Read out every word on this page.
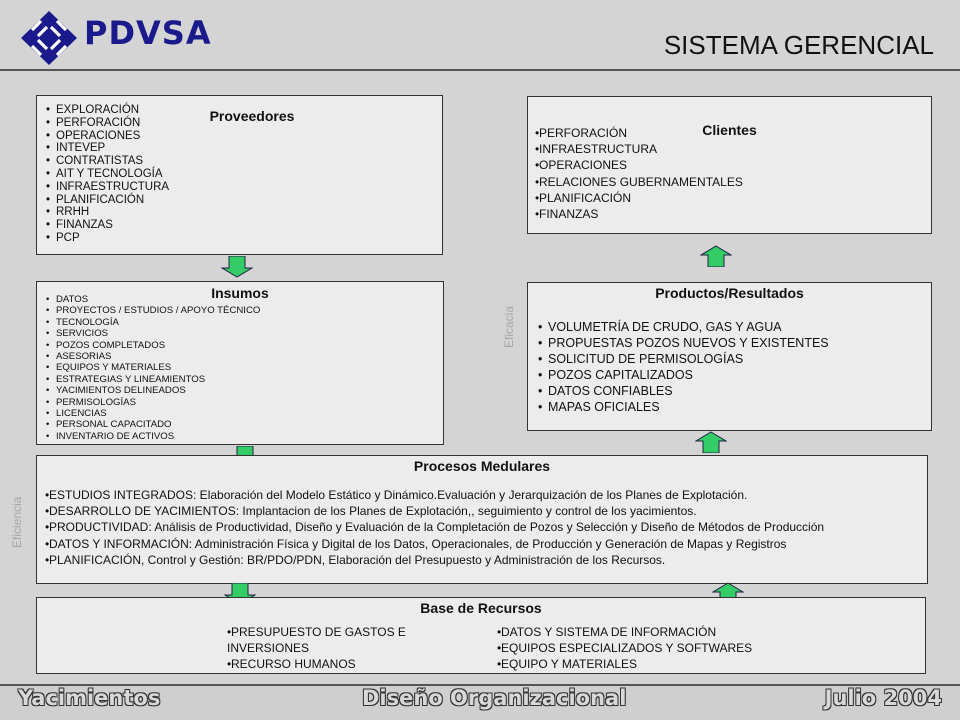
PDVSA	SISTEMA GERENCIAL
Proveedores
• EXPLORACIÓN
• PERFORACIÓN
• OPERACIONES
• INTEVEP
• CONTRATISTAS
• AIT Y TECNOLOGÍA
• INFRAESTRUCTURA
• PLANIFICACIÓN
• RRHH
• FINANZAS
• PCP
Clientes
• PERFORACIÓN
• INFRAESTRUCTURA
• OPERACIONES
• RELACIONES GUBERNAMENTALES
• PLANIFICACIÓN
• FINANZAS
Insumos
• DATOS
• PROYECTOS / ESTUDIOS / APOYO TÉCNICO
• TECNOLOGÍA
• SERVICIOS
• POZOS COMPLETADOS
• ASESORIAS
• EQUIPOS Y MATERIALES
• ESTRATEGIAS Y LINEAMIENTOS
• YACIMIENTOS DELINEADOS
• PERMISOLOGÍAS
• LICENCIAS
• PERSONAL CAPACITADO
• INVENTARIO DE ACTIVOS
Productos/Resultados
• VOLUMETRÍA DE CRUDO, GAS Y AGUA
• PROPUESTAS POZOS NUEVOS Y EXISTENTES
• SOLICITUD DE PERMISOLOGÍAS
• POZOS CAPITALIZADOS
• DATOS CONFIABLES
• MAPAS OFICIALES
Eficacia
Eficiencia
Procesos Medulares
• ESTUDIOS INTEGRADOS: Elaboración del Modelo Estático y Dinámico.Evaluación y Jerarquización de los Planes de Explotación.
• DESARROLLO DE YACIMIENTOS: Implantacion de los Planes de Explotación,, seguimiento y control de los yacimientos.
• PRODUCTIVIDAD: Análisis de Productividad, Diseño y Evaluación de la Completación de Pozos y Selección y Diseño de Métodos de Producción
• DATOS Y INFORMACIÓN: Administración Física y Digital de los Datos, Operacionales, de Producción y Generación de Mapas y Registros
• PLANIFICACIÓN, Control y Gestión: BR/PDO/PDN, Elaboración del Presupuesto y Administración de los Recursos.
Base de Recursos
• PRESUPUESTO DE GASTOS E INVERSIONES
• RECURSO HUMANOS
• DATOS Y SISTEMA DE INFORMACIÓN
• EQUIPOS ESPECIALIZADOS Y SOFTWARES
• EQUIPO Y MATERIALES
Yacimientos	Diseño Organizacional	Julio 2004
